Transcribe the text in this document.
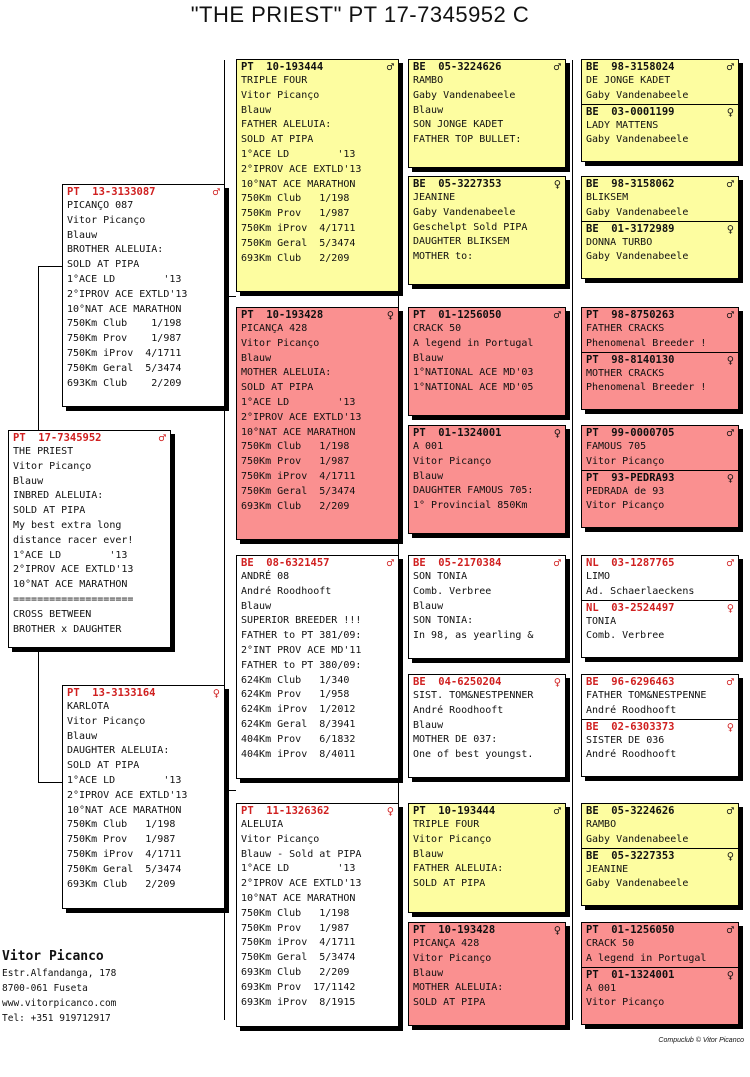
"THE PRIEST" PT 17-7345952 C
PT  17-7345952	♂
THE PRIEST
Vitor Picanço
Blauw
INBRED ALELUIA:
SOLD AT PIPA
My best extra long
distance racer ever!
1°ACE LD        '13
2°IPROV ACE EXTLD'13
10°NAT ACE MARATHON
====================
CROSS BETWEEN
BROTHER x DAUGHTER
PT  13-3133087	♂
PICANÇO 087
Vitor Picanço
Blauw
BROTHER ALELUIA:
SOLD AT PIPA
1°ACE LD        '13
2°IPROV ACE EXTLD'13
10°NAT ACE MARATHON
750Km Club    1/198
750Km Prov    1/987
750Km iProv  4/1711
750Km Geral  5/3474
693Km Club    2/209
PT  13-3133164	♀
KARLOTA
Vitor Picanço
Blauw
DAUGHTER ALELUIA:
SOLD AT PIPA
1°ACE LD        '13
2°IPROV ACE EXTLD'13
10°NAT ACE MARATHON
750Km Club   1/198
750Km Prov   1/987
750Km iProv  4/1711
750Km Geral  5/3474
693Km Club   2/209
PT  10-193444	♂
TRIPLE FOUR
Vitor Picanço
Blauw
FATHER ALELUIA:
SOLD AT PIPA
1°ACE LD        '13
2°IPROV ACE EXTLD'13
10°NAT ACE MARATHON
750Km Club   1/198
750Km Prov   1/987
750Km iProv  4/1711
750Km Geral  5/3474
693Km Club   2/209
PT  10-193428	♀
PICANÇA 428
Vitor Picanço
Blauw
MOTHER ALELUIA:
SOLD AT PIPA
1°ACE LD        '13
2°IPROV ACE EXTLD'13
10°NAT ACE MARATHON
750Km Club   1/198
750Km Prov   1/987
750Km iProv  4/1711
750Km Geral  5/3474
693Km Club   2/209
BE  08-6321457	♂
ANDRÉ 08
André Roodhooft
Blauw
SUPERIOR BREEDER !!!
FATHER to PT 381/09:
2°INT PROV ACE MD'11
FATHER to PT 380/09:
624Km Club   1/340
624Km Prov   1/958
624Km iProv  1/2012
624Km Geral  8/3941
404Km Prov   6/1832
404Km iProv  8/4011
PT  11-1326362	♀
ALELUIA
Vitor Picanço
Blauw - Sold at PIPA
1°ACE LD        '13
2°IPROV ACE EXTLD'13
10°NAT ACE MARATHON
750Km Club   1/198
750Km Prov   1/987
750Km iProv  4/1711
750Km Geral  5/3474
693Km Club   2/209
693Km Prov  17/1142
693Km iProv  8/1915
BE  05-3224626	♂
RAMBO
Gaby Vandenabeele
Blauw
SON JONGE KADET
FATHER TOP BULLET:
BE  05-3227353	♀
JEANINE
Gaby Vandenabeele
Geschelpt Sold PIPA
DAUGHTER BLIKSEM
MOTHER to:
PT  01-1256050	♂
CRACK 50
A legend in Portugal
Blauw
1°NATIONAL ACE MD'03
1°NATIONAL ACE MD'05
PT  01-1324001	♀
A 001
Vitor Picanço
Blauw
DAUGHTER FAMOUS 705:
1° Provincial 850Km
BE  05-2170384	♂
SON TONIA
Comb. Verbree
Blauw
SON TONIA:
In 98, as yearling &
BE  04-6250204	♀
SIST. TOM&NESTPENNER
André Roodhooft
Blauw
MOTHER DE 037:
One of best youngst.
PT  10-193444	♂
TRIPLE FOUR
Vitor Picanço
Blauw
FATHER ALELUIA:
SOLD AT PIPA
PT  10-193428	♀
PICANÇA 428
Vitor Picanço
Blauw
MOTHER ALELUIA:
SOLD AT PIPA
BE  98-3158024	♂
DE JONGE KADET
Gaby Vandenabeele
BE  03-0001199	♀
LADY MATTENS
Gaby Vandenabeele
BE  98-3158062	♂
BLIKSEM
Gaby Vandenabeele
BE  01-3172989	♀
DONNA TURBO
Gaby Vandenabeele
PT  98-8750263	♂
FATHER CRACKS
Phenomenal Breeder !
PT  98-8140130	♀
MOTHER CRACKS
Phenomenal Breeder !
PT  99-0000705	♂
FAMOUS 705
Vitor Picanço
PT  93-PEDRA93	♀
PEDRADA de 93
Vitor Picanço
NL  03-1287765	♂
LIMO
Ad. Schaerlaeckens
NL  03-2524497	♀
TONIA
Comb. Verbree
BE  96-6296463	♂
FATHER TOM&NESTPENNE
André Roodhooft
BE  02-6303373	♀
SISTER DE 036
André Roodhooft
BE  05-3224626	♂
RAMBO
Gaby Vandenabeele
BE  05-3227353	♀
JEANINE
Gaby Vandenabeele
PT  01-1256050	♂
CRACK 50
A legend in Portugal
PT  01-1324001	♀
A 001
Vitor Picanço
Vitor Picanco
Estr.Alfandanga, 178
8700-061 Fuseta
www.vitorpicanco.com
Tel: +351 919712917
Compuclub © Vitor Picanco
